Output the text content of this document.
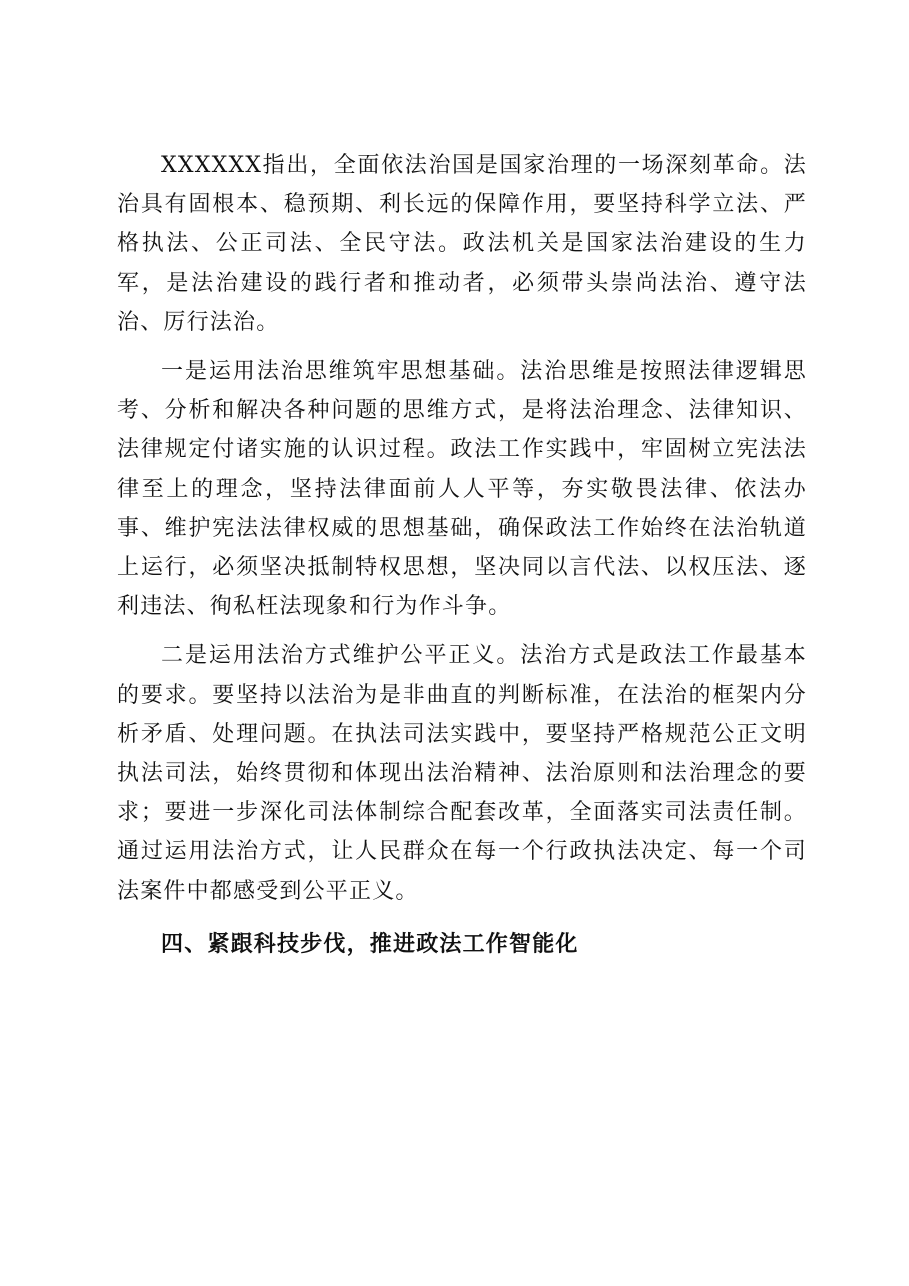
XXXXXX指出，全面依法治国是国家治理的一场深刻革命。法治具有固根本、稳预期、利长远的保障作用，要坚持科学立法、严格执法、公正司法、全民守法。政法机关是国家法治建设的生力军，是法治建设的践行者和推动者，必须带头崇尚法治、遵守法治、厉行法治。

一是运用法治思维筑牢思想基础。法治思维是按照法律逻辑思考、分析和解决各种问题的思维方式，是将法治理念、法律知识、法律规定付诸实施的认识过程。政法工作实践中，牢固树立宪法法律至上的理念，坚持法律面前人人平等，夯实敬畏法律、依法办事、维护宪法法律权威的思想基础，确保政法工作始终在法治轨道上运行，必须坚决抵制特权思想，坚决同以言代法、以权压法、逐利违法、徇私枉法现象和行为作斗争。

二是运用法治方式维护公平正义。法治方式是政法工作最基本的要求。要坚持以法治为是非曲直的判断标准，在法治的框架内分析矛盾、处理问题。在执法司法实践中，要坚持严格规范公正文明执法司法，始终贯彻和体现出法治精神、法治原则和法治理念的要求；要进一步深化司法体制综合配套改革，全面落实司法责任制。通过运用法治方式，让人民群众在每一个行政执法决定、每一个司法案件中都感受到公平正义。

四、紧跟科技步伐，推进政法工作智能化
